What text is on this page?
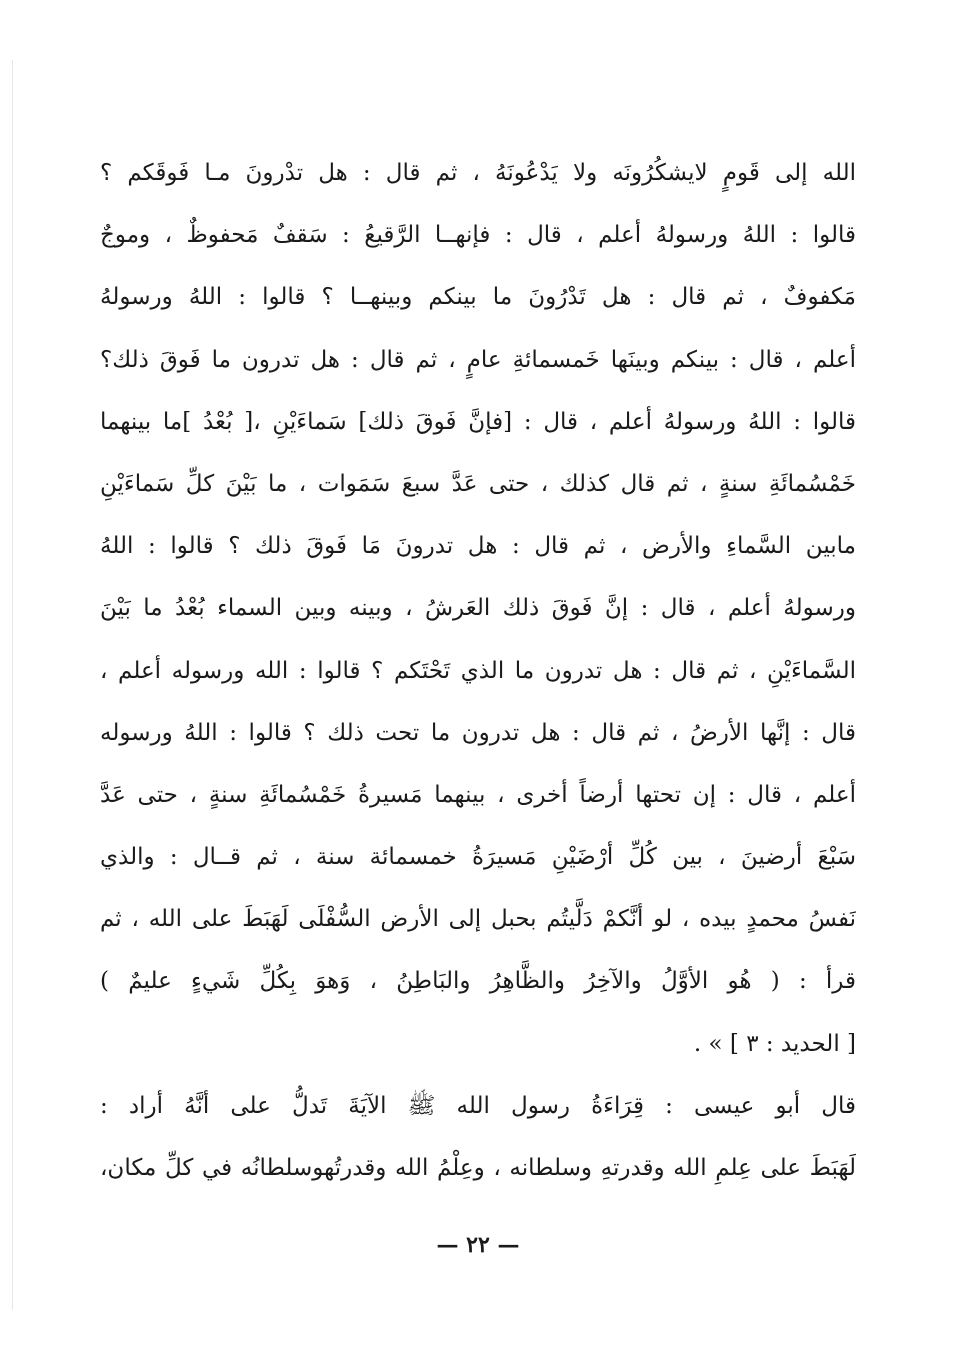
الله إلى قَومٍ لايشكُرُونَه ولا يَدْعُونَهُ ، ثم قال : هل تدْرونَ مـا فَوقَكم ؟
قالوا : اللهُ ورسولهُ أعلم ، قال : فإنهــا الرَّقيعُ : سَقفٌ مَحفوظٌ ، وموجٌ
مَكفوفٌ ، ثم قال : هل تَدْرُونَ ما بينكم وبينهــا ؟ قالوا : اللهُ ورسولهُ
أعلم ، قال : بينكم وبينَها خَمسمائةِ عامٍ ، ثم قال : هل تدرون ما فَوقَ ذلك؟
قالوا : اللهُ ورسولهُ أعلم ، قال : [فإنَّ فَوقَ ذلك] سَماءَيْنِ ،[ بُعْدُ ]ما بينهما
خَمْسُمائَةِ سنةٍ ، ثم قال كذلك ، حتى عَدَّ سبعَ سَمَوات ، ما بَيْنَ كلِّ سَماءَيْنِ
مابين السَّماءِ والأرض ، ثم قال : هل تدرونَ مَا فَوقَ ذلك ؟ قالوا : اللهُ
ورسولهُ أعلم ، قال : إنَّ فَوقَ ذلك العَرشُ ، وبينه وبين السماء بُعْدُ ما بَيْنَ
السَّماءَيْنِ ، ثم قال : هل تدرون ما الذي تَحْتَكم ؟ قالوا : الله ورسوله أعلم ،
قال : إنَّها الأرضُ ، ثم قال : هل تدرون ما تحت ذلك ؟ قالوا : اللهُ ورسوله
أعلم ، قال : إن تحتها أرضاً أخرى ، بينهما مَسيرةُ خَمْسُمائَةِ سنةٍ ، حتى عَدَّ
سَبْعَ أرضينَ ، بين كُلِّ أرْضَيْنِ مَسيرَةُ خمسمائة سنة ، ثم قــال : والذي
نَفسُ محمدٍ بيده ، لو أنَّكمْ دَلَّيتُم بحبل إلى الأرض السُّفْلَى لَهَبَطَ على الله ، ثم
قرأ : ( هُو الأوَّلُ والآخِرُ والظَّاهِرُ والبَاطِنُ ، وَهوَ بِكُلِّ شَيءٍ عليمٌ )
[ الحديد : ٣ ] » .
قال أبو عيسى : قِرَاءَةُ رسول الله ﷺ الآيَةَ تَدلُّ على أنَّهُ أراد :
لَهَبَطَ على عِلمِ الله وقدرتهِ وسلطانه ، وعِلْمُ الله وقدرتُهوسلطانُه في كلِّ مكان،
— ٢٢ —
